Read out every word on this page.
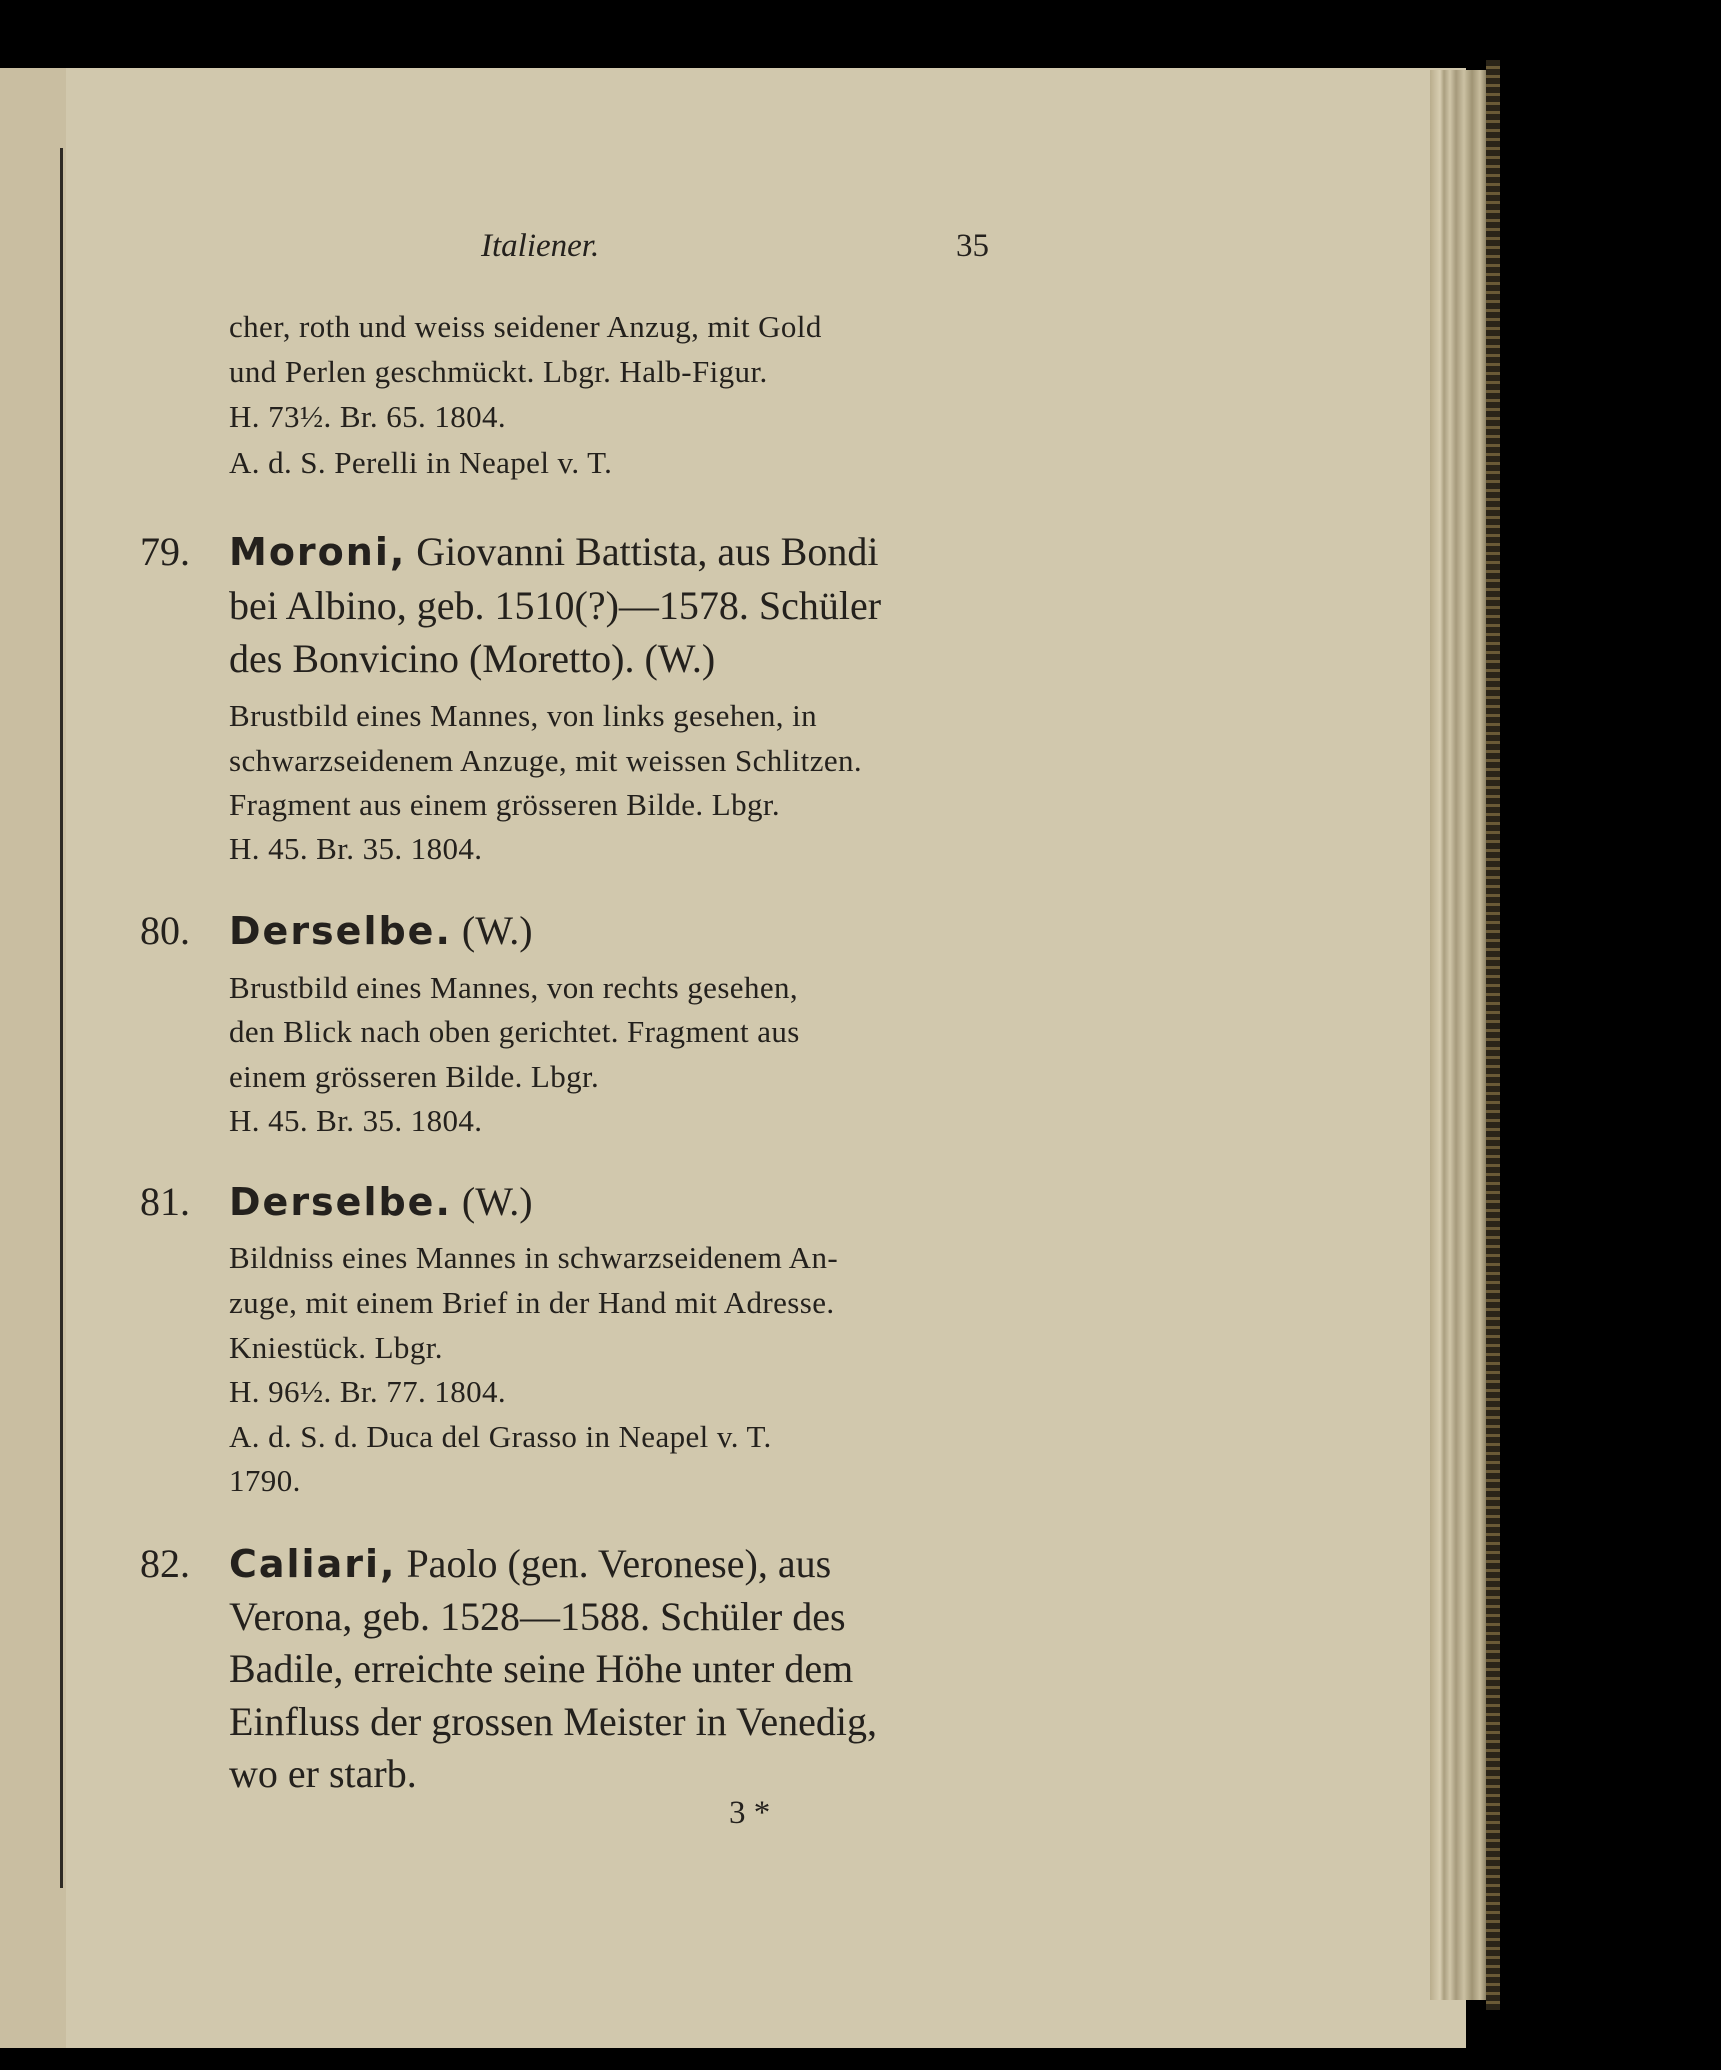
Italiener.	35
cher, roth und weiss seidener Anzug, mit Gold
und Perlen geschmückt. Lbgr. Halb-Figur.
H. 73½. Br. 65. 1804.
A. d. S. Perelli in Neapel v. T.
79. Moroni, Giovanni Battista, aus Bondi
bei Albino, geb. 1510(?)—1578. Schüler
des Bonvicino (Moretto). (W.)
Brustbild eines Mannes, von links gesehen, in
schwarzseidenem Anzuge, mit weissen Schlitzen.
Fragment aus einem grösseren Bilde. Lbgr.
H. 45. Br. 35. 1804.
80. Derselbe. (W.)
Brustbild eines Mannes, von rechts gesehen,
den Blick nach oben gerichtet. Fragment aus
einem grösseren Bilde. Lbgr.
H. 45. Br. 35. 1804.
81. Derselbe. (W.)
Bildniss eines Mannes in schwarzseidenem An-
zuge, mit einem Brief in der Hand mit Adresse.
Kniestück. Lbgr.
H. 96½. Br. 77. 1804.
A. d. S. d. Duca del Grasso in Neapel v. T.
1790.
82. Caliari, Paolo (gen. Veronese), aus
Verona, geb. 1528—1588. Schüler des
Badile, erreichte seine Höhe unter dem
Einfluss der grossen Meister in Venedig,
wo er starb.
3 *
